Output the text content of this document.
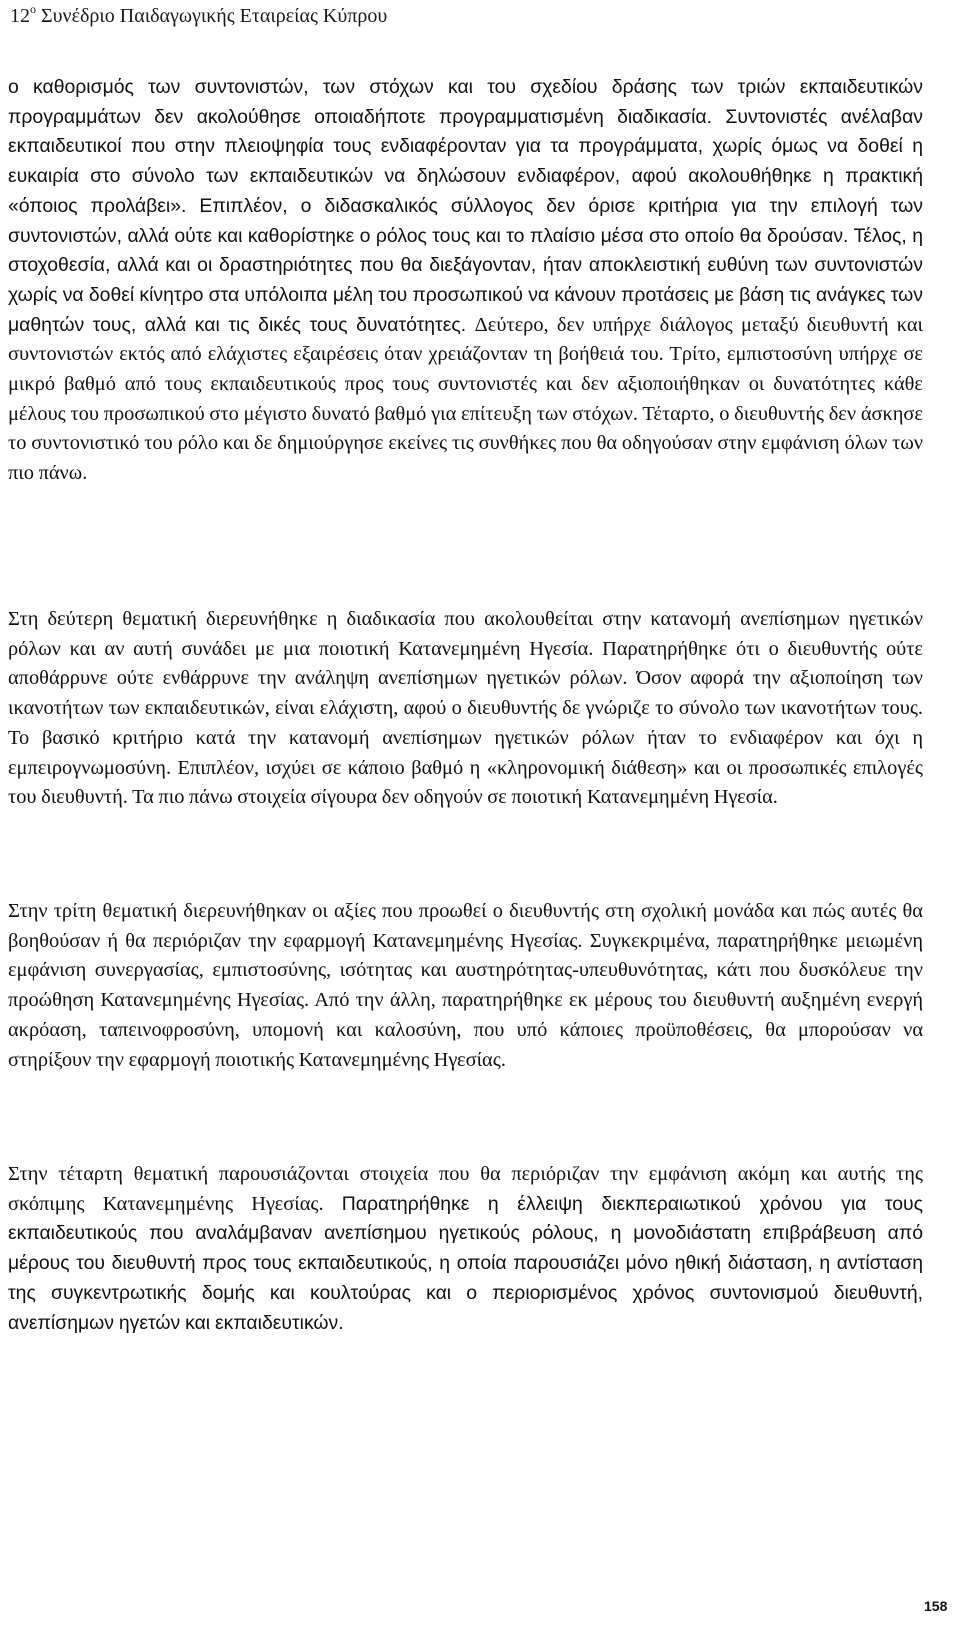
$12^o$ Συνέδριο Παιδαγωγικής Εταιρείας Κύπρου

ο καθορισμός των συντονιστών, των στόχων και του σχεδίου δράσης των τριών εκπαιδευτικών προγραμμάτων δεν ακολούθησε οποιαδήποτε προγραμματισμένη διαδικασία. Συντονιστές ανέλαβαν εκπαιδευτικοί που στην πλειοψηφία τους ενδιαφέρονταν για τα προγράμματα, χωρίς όμως να δοθεί η ευκαιρία στο σύνολο των εκπαιδευτικών να δηλώσουν ενδιαφέρον, αφού ακολουθήθηκε η πρακτική «όποιος προλάβει». Επιπλέον, ο διδασκαλικός σύλλογος δεν όρισε κριτήρια για την επιλογή των συντονιστών, αλλά ούτε και καθορίστηκε ο ρόλος τους και το πλαίσιο μέσα στο οποίο θα δρούσαν. Τέλος, η στοχοθεσία, αλλά και οι δραστηριότητες που θα διεξάγονταν, ήταν αποκλειστική ευθύνη των συντονιστών χωρίς να δοθεί κίνητρο στα υπόλοιπα μέλη του προσωπικού να κάνουν προτάσεις με βάση τις ανάγκες των μαθητών τους, αλλά και τις δικές τους δυνατότητες. Δεύτερο, δεν υπήρχε διάλογος μεταξύ διευθυντή και συντονιστών εκτός από ελάχιστες εξαιρέσεις όταν χρειάζονταν τη βοήθειά του. Τρίτο, εμπιστοσύνη υπήρχε σε μικρό βαθμό από τους εκπαιδευτικούς προς τους συντονιστές και δεν αξιοποιήθηκαν οι δυνατότητες κάθε μέλους του προσωπικού στο μέγιστο δυνατό βαθμό για επίτευξη των στόχων. Τέταρτο, ο διευθυντής δεν άσκησε το συντονιστικό του ρόλο και δε δημιούργησε εκείνες τις συνθήκες που θα οδηγούσαν στην εμφάνιση όλων των πιο πάνω.

Στη δεύτερη θεματική διερευνήθηκε η διαδικασία που ακολουθείται στην κατανομή ανεπίσημων ηγετικών ρόλων και αν αυτή συνάδει με μια ποιοτική Κατανεμημένη Ηγεσία. Παρατηρήθηκε ότι ο διευθυντής ούτε αποθάρρυνε ούτε ενθάρρυνε την ανάληψη ανεπίσημων ηγετικών ρόλων. Όσον αφορά την αξιοποίηση των ικανοτήτων των εκπαιδευτικών, είναι ελάχιστη, αφού ο διευθυντής δε γνώριζε το σύνολο των ικανοτήτων τους. Το βασικό κριτήριο κατά την κατανομή ανεπίσημων ηγετικών ρόλων ήταν το ενδιαφέρον και όχι η εμπειρογνωμοσύνη. Επιπλέον, ισχύει σε κάποιο βαθμό η «κληρονομική διάθεση» και οι προσωπικές επιλογές του διευθυντή. Τα πιο πάνω στοιχεία σίγουρα δεν οδηγούν σε ποιοτική Κατανεμημένη Ηγεσία.

Στην τρίτη θεματική διερευνήθηκαν οι αξίες που προωθεί ο διευθυντής στη σχολική μονάδα και πώς αυτές θα βοηθούσαν ή θα περιόριζαν την εφαρμογή Κατανεμημένης Ηγεσίας. Συγκεκριμένα, παρατηρήθηκε μειωμένη εμφάνιση συνεργασίας, εμπιστοσύνης, ισότητας και αυστηρότητας-υπευθυνότητας, κάτι που δυσκόλευε την προώθηση Κατανεμημένης Ηγεσίας. Από την άλλη, παρατηρήθηκε εκ μέρους του διευθυντή αυξημένη ενεργή ακρόαση, ταπεινοφροσύνη, υπομονή και καλοσύνη, που υπό κάποιες προϋποθέσεις, θα μπορούσαν να στηρίξουν την εφαρμογή ποιοτικής Κατανεμημένης Ηγεσίας.

Στην τέταρτη θεματική παρουσιάζονται στοιχεία που θα περιόριζαν την εμφάνιση ακόμη και αυτής της σκόπιμης Κατανεμημένης Ηγεσίας. Παρατηρήθηκε η έλλειψη διεκπεραιωτικού χρόνου για τους εκπαιδευτικούς που αναλάμβαναν ανεπίσημου ηγετικούς ρόλους, η μονοδιάστατη επιβράβευση από μέρους του διευθυντή προς τους εκπαιδευτικούς, η οποία παρουσιάζει μόνο ηθική διάσταση, η αντίσταση της συγκεντρωτικής δομής και κουλτούρας και ο περιορισμένος χρόνος συντονισμού διευθυντή, ανεπίσημων ηγετών και εκπαιδευτικών.

158
